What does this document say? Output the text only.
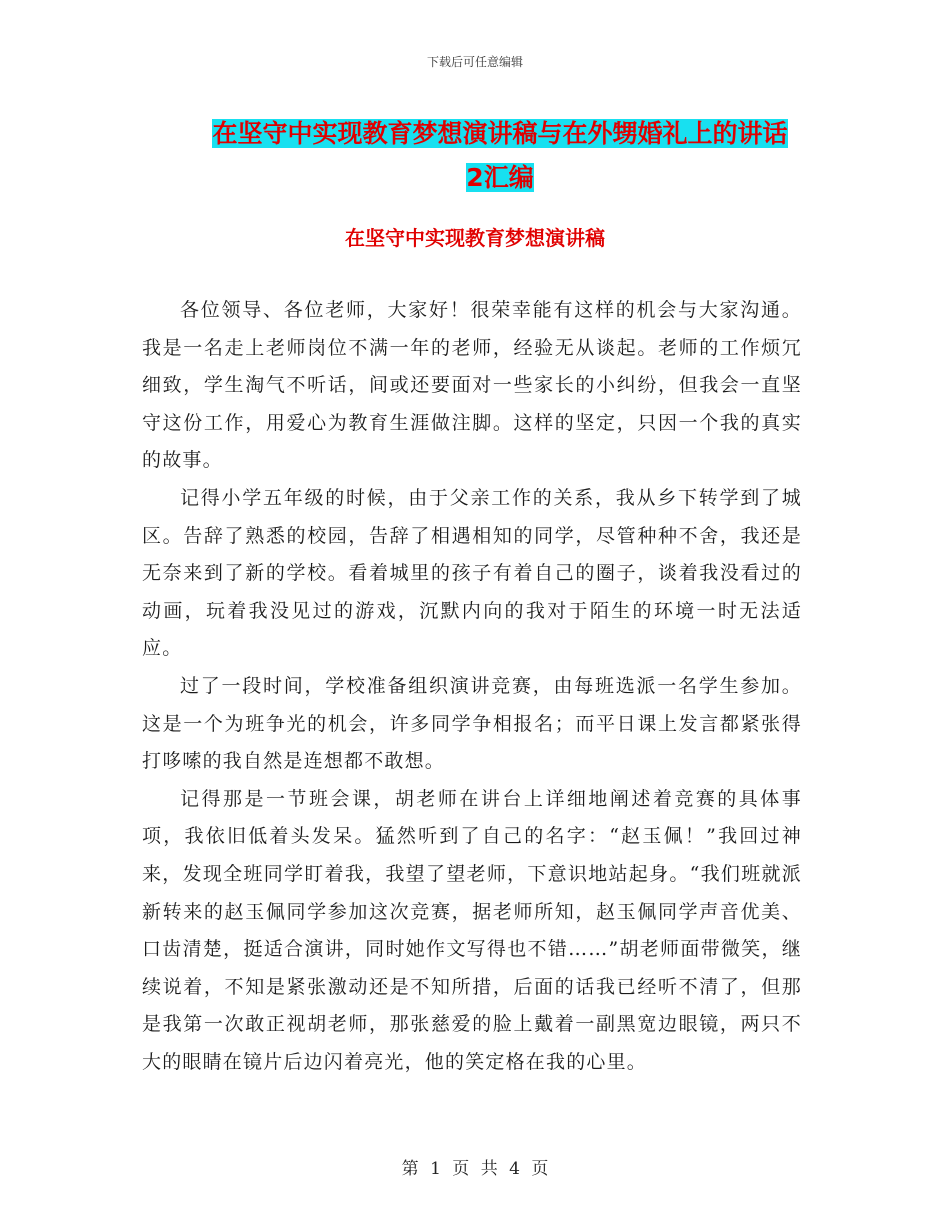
下载后可任意编辑
在坚守中实现教育梦想演讲稿与在外甥婚礼上的讲话
2汇编
在坚守中实现教育梦想演讲稿

各位领导、各位老师，大家好！很荣幸能有这样的机会与大家沟通。我是一名走上老师岗位不满一年的老师，经验无从谈起。老师的工作烦冗细致，学生淘气不听话，间或还要面对一些家长的小纠纷，但我会一直坚守这份工作，用爱心为教育生涯做注脚。这样的坚定，只因一个我的真实的故事。

记得小学五年级的时候，由于父亲工作的关系，我从乡下转学到了城区。告辞了熟悉的校园，告辞了相遇相知的同学，尽管种种不舍，我还是无奈来到了新的学校。看着城里的孩子有着自己的圈子，谈着我没看过的动画，玩着我没见过的游戏，沉默内向的我对于陌生的环境一时无法适应。

过了一段时间，学校准备组织演讲竞赛，由每班选派一名学生参加。这是一个为班争光的机会，许多同学争相报名；而平日课上发言都紧张得打哆嗦的我自然是连想都不敢想。

记得那是一节班会课，胡老师在讲台上详细地阐述着竞赛的具体事项，我依旧低着头发呆。猛然听到了自己的名字：“赵玉佩！”我回过神来，发现全班同学盯着我，我望了望老师，下意识地站起身。“我们班就派新转来的赵玉佩同学参加这次竞赛，据老师所知，赵玉佩同学声音优美、口齿清楚，挺适合演讲，同时她作文写得也不错……”胡老师面带微笑，继续说着，不知是紧张激动还是不知所措，后面的话我已经听不清了，但那是我第一次敢正视胡老师，那张慈爱的脸上戴着一副黑宽边眼镜，两只不大的眼睛在镜片后边闪着亮光，他的笑定格在我的心里。

第 1 页 共 4 页
